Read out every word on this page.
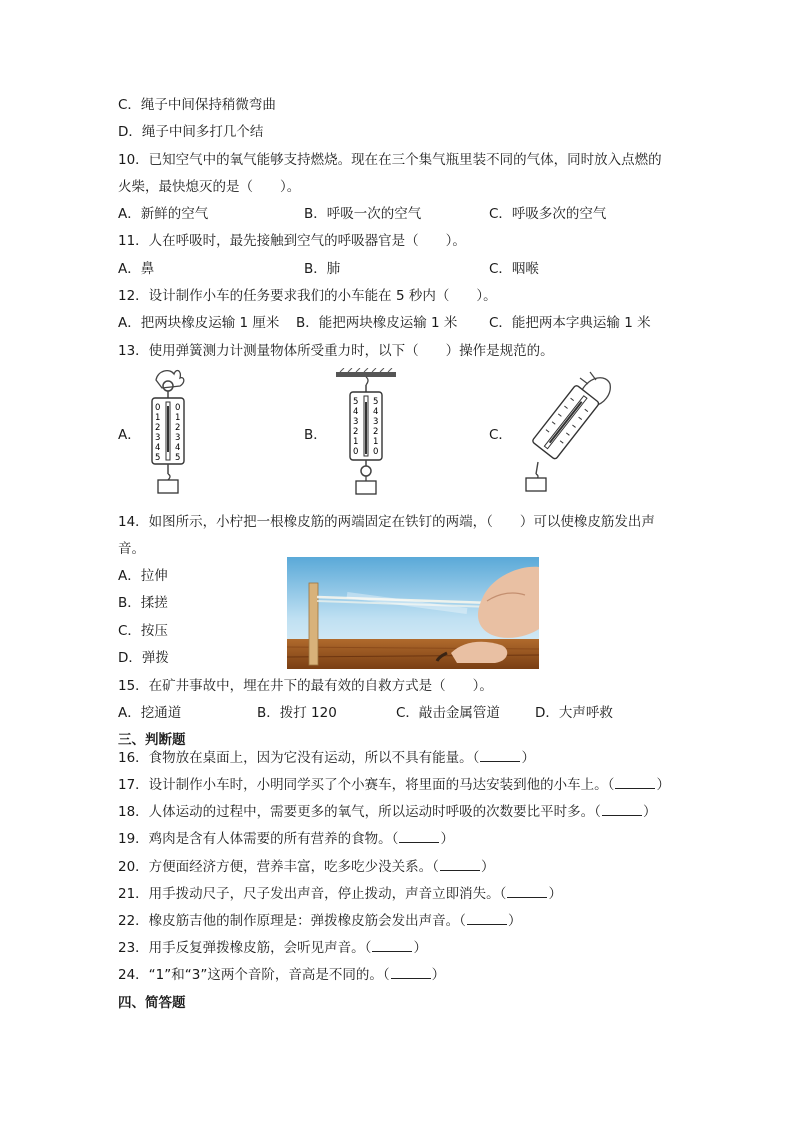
C．绳子中间保持稍微弯曲
D．绳子中间多打几个结
10．已知空气中的氧气能够支持燃烧。现在在三个集气瓶里装不同的气体，同时放入点燃的
火柴，最快熄灭的是（　　）。
A．新鲜的空气	B．呼吸一次的空气	C．呼吸多次的空气
11．人在呼吸时，最先接触到空气的呼吸器官是（　　）。
A．鼻	B．肺	C．咽喉
12．设计制作小车的任务要求我们的小车能在 5 秒内（　　）。
A．把两块橡皮运输 1 厘米 B．能把两块橡皮运输 1 米 C．能把两本字典运输 1 米
13．使用弹簧测力计测量物体所受重力时，以下（　　）操作是规范的。
A．	B．	C．
0
1
2
3
4
5
0
1
2
3
4
5
5
4
3
2
1
0
5
4
3
2
1
0
14．如图所示，小柠把一根橡皮筋的两端固定在铁钉的两端，（　　）可以使橡皮筋发出声
音。
A．拉伸
B．揉搓
C．按压
D．弹拨
15．在矿井事故中，埋在井下的最有效的自救方式是（　　）。
A．挖通道	B．拨打 120	C．敲击金属管道	D．大声呼救
三、判断题
16．食物放在桌面上，因为它没有运动，所以不具有能量。（	）
17．设计制作小车时，小明同学买了个小赛车，将里面的马达安装到他的小车上。（	）
18．人体运动的过程中，需要更多的氧气，所以运动时呼吸的次数要比平时多。（	）
19．鸡肉是含有人体需要的所有营养的食物。（	）
20．方便面经济方便，营养丰富，吃多吃少没关系。（	）
21．用手拨动尺子，尺子发出声音，停止拨动，声音立即消失。（	）
22．橡皮筋吉他的制作原理是：弹拨橡皮筋会发出声音。（	）
23．用手反复弹拨橡皮筋，会听见声音。（	）
24．“1”和“3”这两个音阶，音高是不同的。（	）
四、简答题
